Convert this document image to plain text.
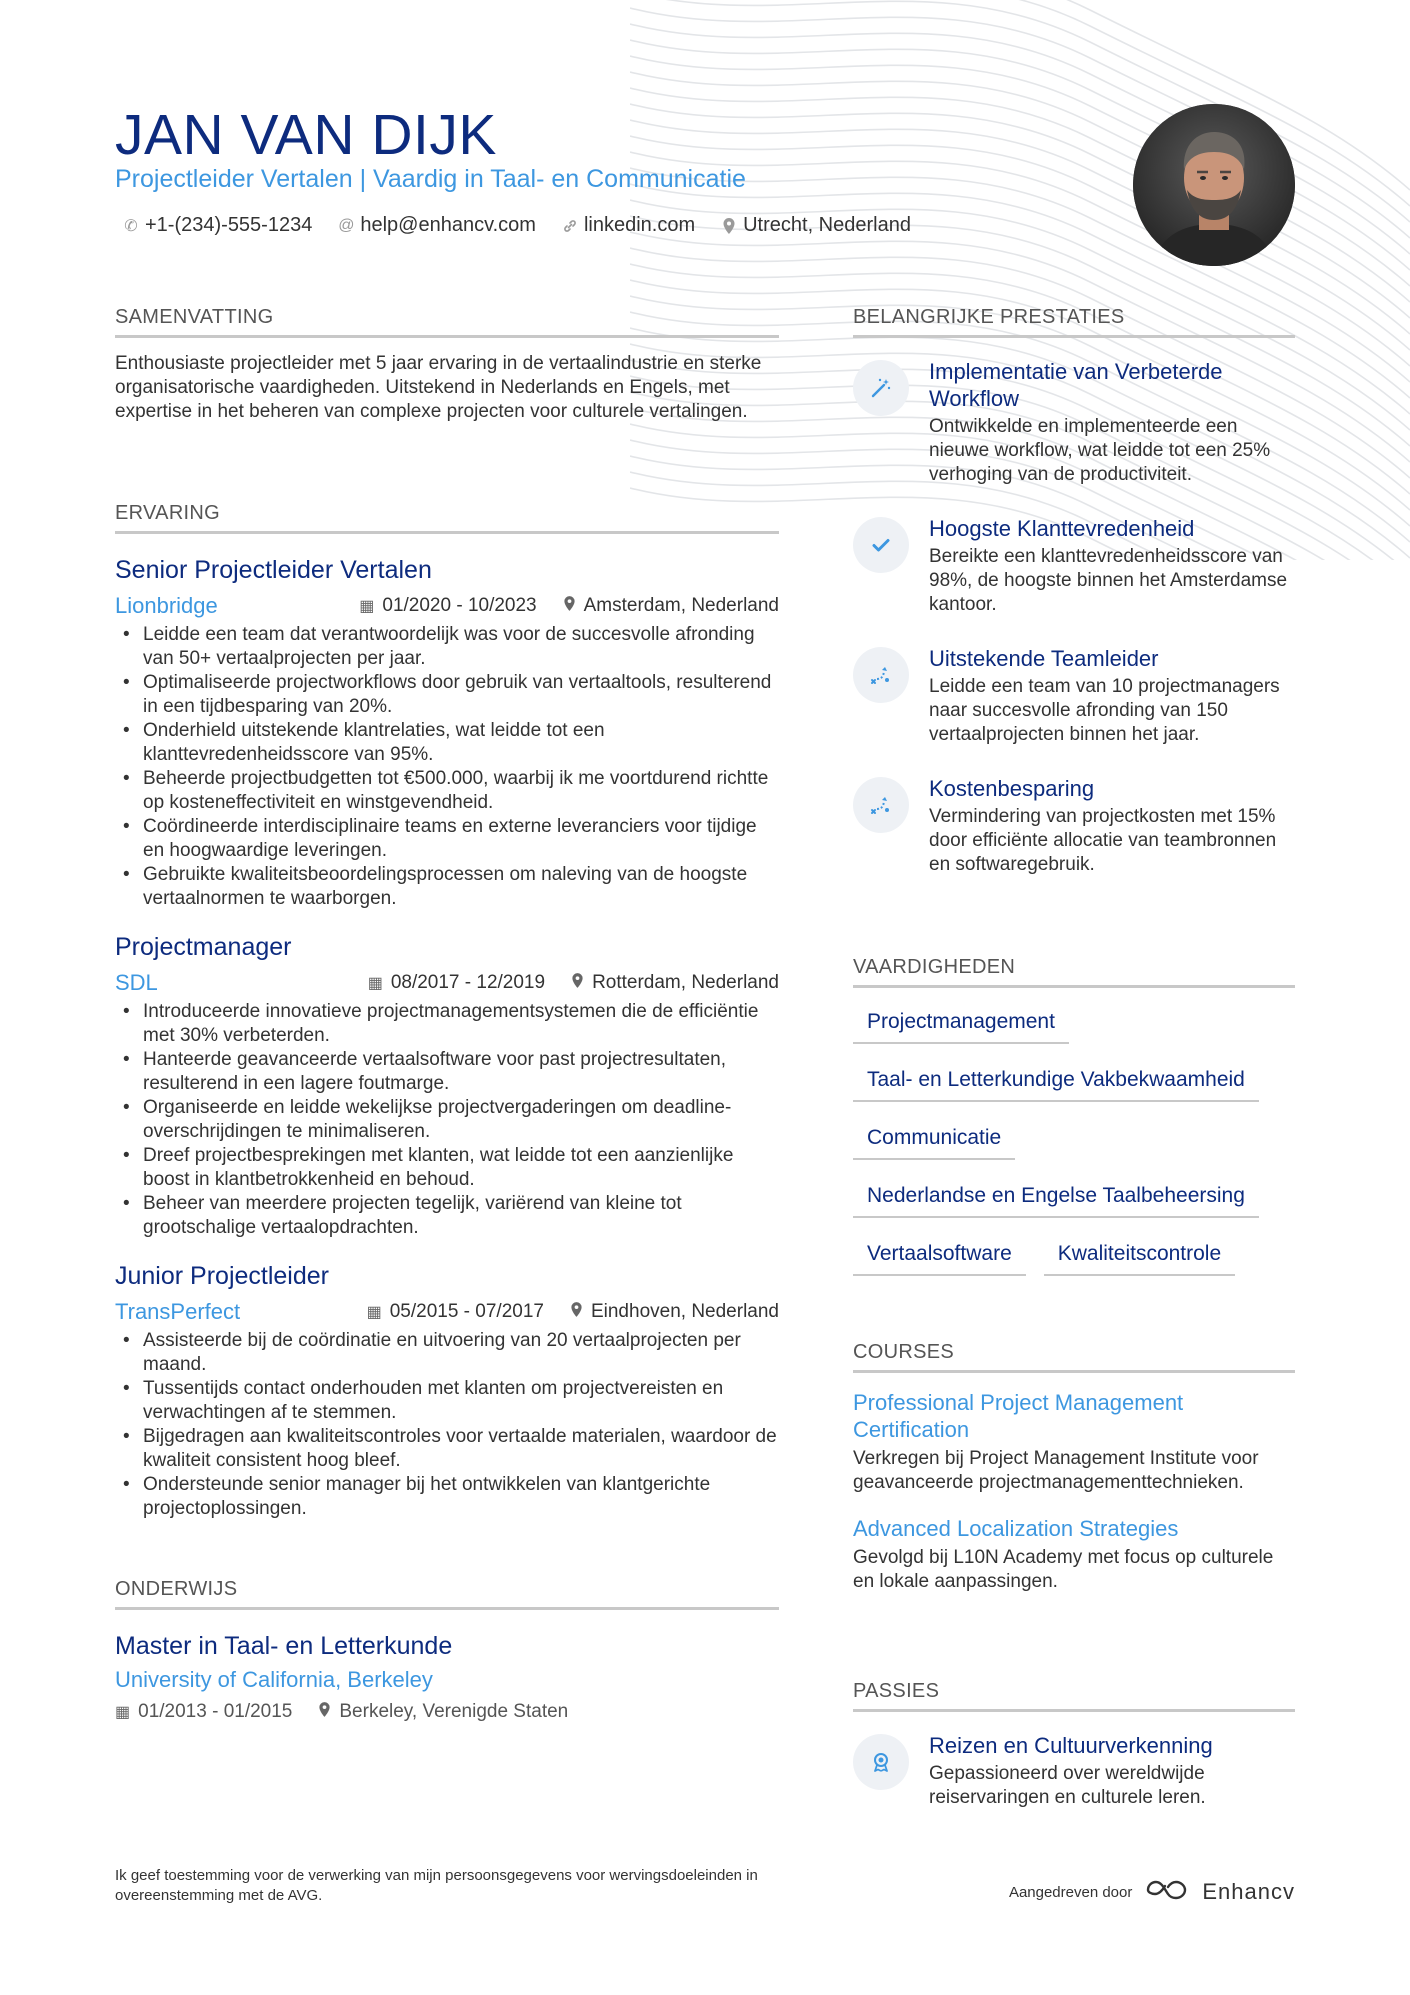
JAN VAN DIJK
Projectleider Vertalen | Vaardig in Taal- en Communicatie
✆ +1-(234)-555-1234 @ help@enhancv.com linkedin.com Utrecht, Nederland
SAMENVATTING

Enthousiaste projectleider met 5 jaar ervaring in de vertaalindustrie en sterke organisatorische vaardigheden. Uitstekend in Nederlands en Engels, met expertise in het beheren van complexe projecten voor culturele vertalingen.

ERVARING
Senior Projectleider Vertalen
Lionbridge	▦ 01/2020 - 10/2023 Amsterdam, Nederland
• Leidde een team dat verantwoordelijk was voor de succesvolle afronding van 50+ vertaalprojecten per jaar.
• Optimaliseerde projectworkflows door gebruik van vertaaltools, resulterend in een tijdbesparing van 20%.
• Onderhield uitstekende klantrelaties, wat leidde tot een klanttevredenheidsscore van 95%.
• Beheerde projectbudgetten tot €500.000, waarbij ik me voortdurend richtte op kosteneffectiviteit en winstgevendheid.
• Coördineerde interdisciplinaire teams en externe leveranciers voor tijdige en hoogwaardige leveringen.
• Gebruikte kwaliteitsbeoordelingsprocessen om naleving van de hoogste vertaalnormen te waarborgen.
Projectmanager
SDL	▦ 08/2017 - 12/2019 Rotterdam, Nederland
• Introduceerde innovatieve projectmanagementsystemen die de efficiëntie met 30% verbeterden.
• Hanteerde geavanceerde vertaalsoftware voor past projectresultaten, resulterend in een lagere foutmarge.
• Organiseerde en leidde wekelijkse projectvergaderingen om deadline-overschrijdingen te minimaliseren.
• Dreef projectbesprekingen met klanten, wat leidde tot een aanzienlijke boost in klantbetrokkenheid en behoud.
• Beheer van meerdere projecten tegelijk, variërend van kleine tot grootschalige vertaalopdrachten.
Junior Projectleider
TransPerfect	▦ 05/2015 - 07/2017 Eindhoven, Nederland
• Assisteerde bij de coördinatie en uitvoering van 20 vertaalprojecten per maand.
• Tussentijds contact onderhouden met klanten om projectvereisten en verwachtingen af te stemmen.
• Bijgedragen aan kwaliteitscontroles voor vertaalde materialen, waardoor de kwaliteit consistent hoog bleef.
• Ondersteunde senior manager bij het ontwikkelen van klantgerichte projectoplossingen.
ONDERWIJS
Master in Taal- en Letterkunde
University of California, Berkeley
▦ 01/2013 - 01/2015 Berkeley, Verenigde Staten
BELANGRIJKE PRESTATIES
Implementatie van Verbeterde Workflow
Ontwikkelde en implementeerde een nieuwe workflow, wat leidde tot een 25% verhoging van de productiviteit.
Hoogste Klanttevredenheid
Bereikte een klanttevredenheidsscore van 98%, de hoogste binnen het Amsterdamse kantoor.
Uitstekende Teamleider
Leidde een team van 10 projectmanagers naar succesvolle afronding van 150 vertaalprojecten binnen het jaar.
Kostenbesparing
Vermindering van projectkosten met 15% door efficiënte allocatie van teambronnen en softwaregebruik.
VAARDIGHEDEN
Projectmanagement
Taal- en Letterkundige Vakbekwaamheid
Communicatie
Nederlandse en Engelse Taalbeheersing
Vertaalsoftware	Kwaliteitscontrole
COURSES
Professional Project Management Certification
Verkregen bij Project Management Institute voor geavanceerde projectmanagementtechnieken.
Advanced Localization Strategies
Gevolgd bij L10N Academy met focus op culturele en lokale aanpassingen.
PASSIES
Reizen en Cultuurverkenning
Gepassioneerd over wereldwijde reiservaringen en culturele leren.
Ik geef toestemming voor de verwerking van mijn persoonsgegevens voor wervingsdoeleinden in overeenstemming met de AVG.	Aangedreven door	Enhancv
